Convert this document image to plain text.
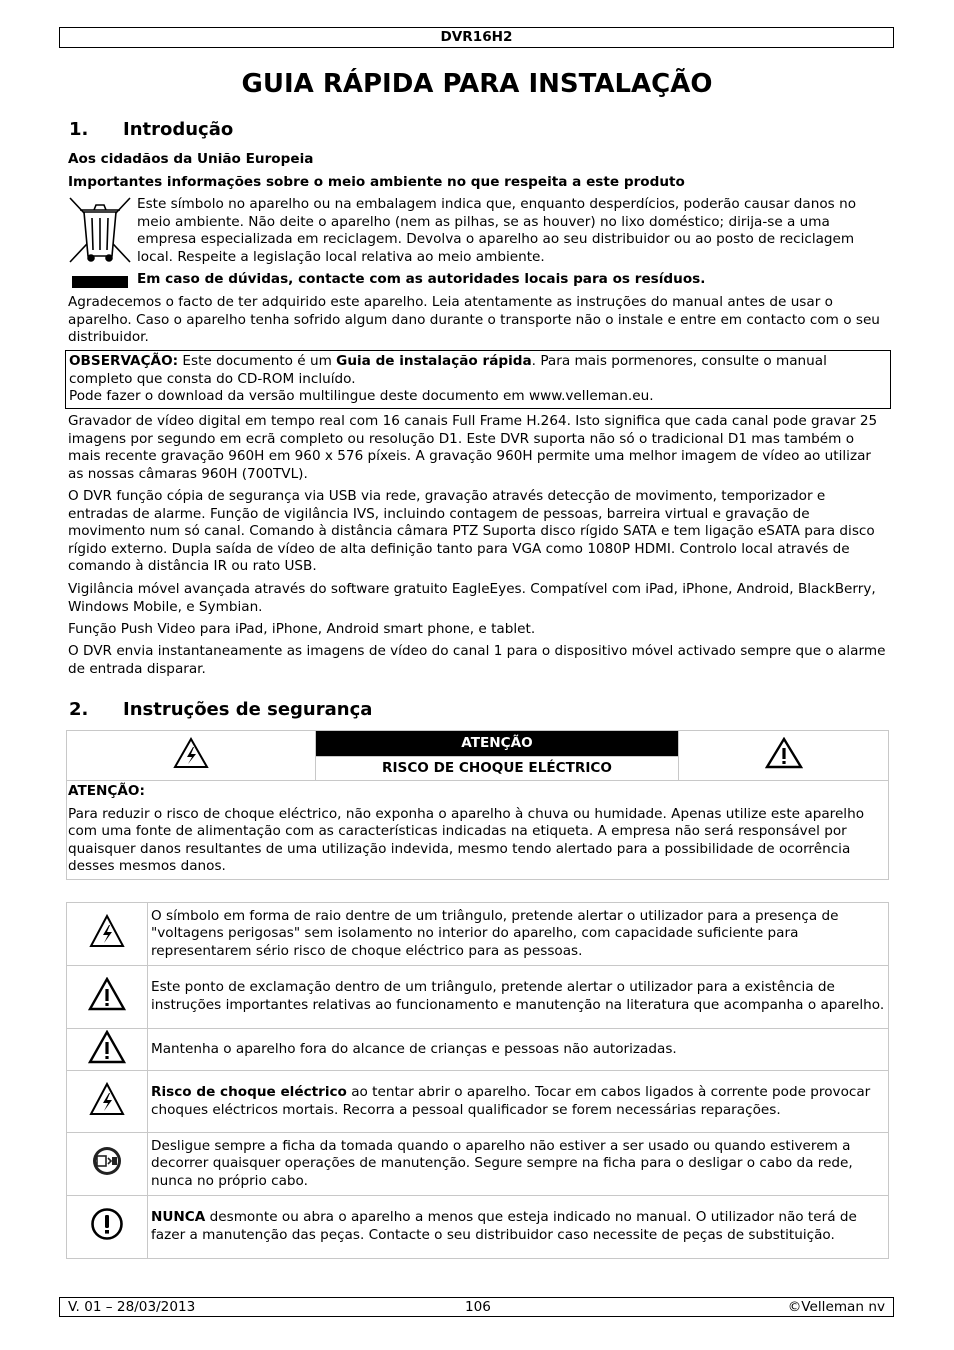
DVR16H2
GUIA RÁPIDA PARA INSTALAÇÃO
1. Introdução

Aos cidadãos da União Europeia

Importantes informações sobre o meio ambiente no que respeita a este produto

Este símbolo no aparelho ou na embalagem indica que, enquanto desperdícios, poderão causar danos no meio ambiente. Não deite o aparelho (nem as pilhas, se as houver) no lixo doméstico; dirija-se a uma empresa especializada em reciclagem. Devolva o aparelho ao seu distribuidor ou ao posto de reciclagem local. Respeite a legislação local relativa ao meio ambiente.

Em caso de dúvidas, contacte com as autoridades locais para os resíduos.

Agradecemos o facto de ter adquirido este aparelho. Leia atentamente as instruções do manual antes de usar o aparelho. Caso o aparelho tenha sofrido algum dano durante o transporte não o instale e entre em contacto com o seu distribuidor.

OBSERVAÇÃO: Este documento é um Guia de instalação rápida. Para mais pormenores, consulte o manual completo que consta do CD-ROM incluído.

Pode fazer o download da versão multilingue deste documento em www.velleman.eu.

Gravador de vídeo digital em tempo real com 16 canais Full Frame H.264. Isto significa que cada canal pode gravar 25 imagens por segundo em ecrã completo ou resolução D1. Este DVR suporta não só o tradicional D1 mas também o mais recente gravação 960H em 960 x 576 píxeis. A gravação 960H permite uma melhor imagem de vídeo ao utilizar as nossas câmaras 960H (700TVL).

O DVR função cópia de segurança via USB via rede, gravação através detecção de movimento, temporizador e entradas de alarme. Função de vigilância IVS, incluindo contagem de pessoas, barreira virtual e gravação de movimento num só canal. Comando à distância câmara PTZ Suporta disco rígido SATA e tem ligação eSATA para disco rígido externo. Dupla saída de vídeo de alta definição tanto para VGA como 1080P HDMI. Controlo local através de comando à distância IR ou rato USB.

Vigilância móvel avançada através do software gratuito EagleEyes. Compatível com iPad, iPhone, Android, BlackBerry, Windows Mobile, e Symbian.

Função Push Video para iPad, iPhone, Android smart phone, e tablet.

O DVR envia instantaneamente as imagens de vídeo do canal 1 para o dispositivo móvel activado sempre que o alarme de entrada disparar.

2. Instruções de segurança
	ATENÇÃO	
RISCO DE CHOQUE ELÉCTRICO

ATENÇÃO:

Para reduzir o risco de choque eléctrico, não exponha o aparelho à chuva ou humidade. Apenas utilize este aparelho com uma fonte de alimentação com as características indicadas na etiqueta. A empresa não será responsável por quaisquer danos resultantes de uma utilização indevida, mesmo tendo alertado para a possibilidade de ocorrência desses mesmos danos.

	O símbolo em forma de raio dentre de um triângulo, pretende alertar o utilizador para a presença de "voltagens perigosas" sem isolamento no interior do aparelho, com capacidade suficiente para representarem sério risco de choque eléctrico para as pessoas.
	Este ponto de exclamação dentro de um triângulo, pretende alertar o utilizador para a existência de instruções importantes relativas ao funcionamento e manutenção na literatura que acompanha o aparelho.
	Mantenha o aparelho fora do alcance de crianças e pessoas não autorizadas.
	Risco de choque eléctrico ao tentar abrir o aparelho. Tocar em cabos ligados à corrente pode provocar choques eléctricos mortais. Recorra a pessoal qualificador se forem necessárias reparações.
	Desligue sempre a ficha da tomada quando o aparelho não estiver a ser usado ou quando estiverem a decorrer quaisquer operações de manutenção. Segure sempre na ficha para o desligar o cabo da rede, nunca no próprio cabo.
	NUNCA desmonte ou abra o aparelho a menos que esteja indicado no manual. O utilizador não terá de fazer a manutenção das peças. Contacte o seu distribuidor caso necessite de peças de substituição.
V. 01 – 28/03/2013	106	©Velleman nv
